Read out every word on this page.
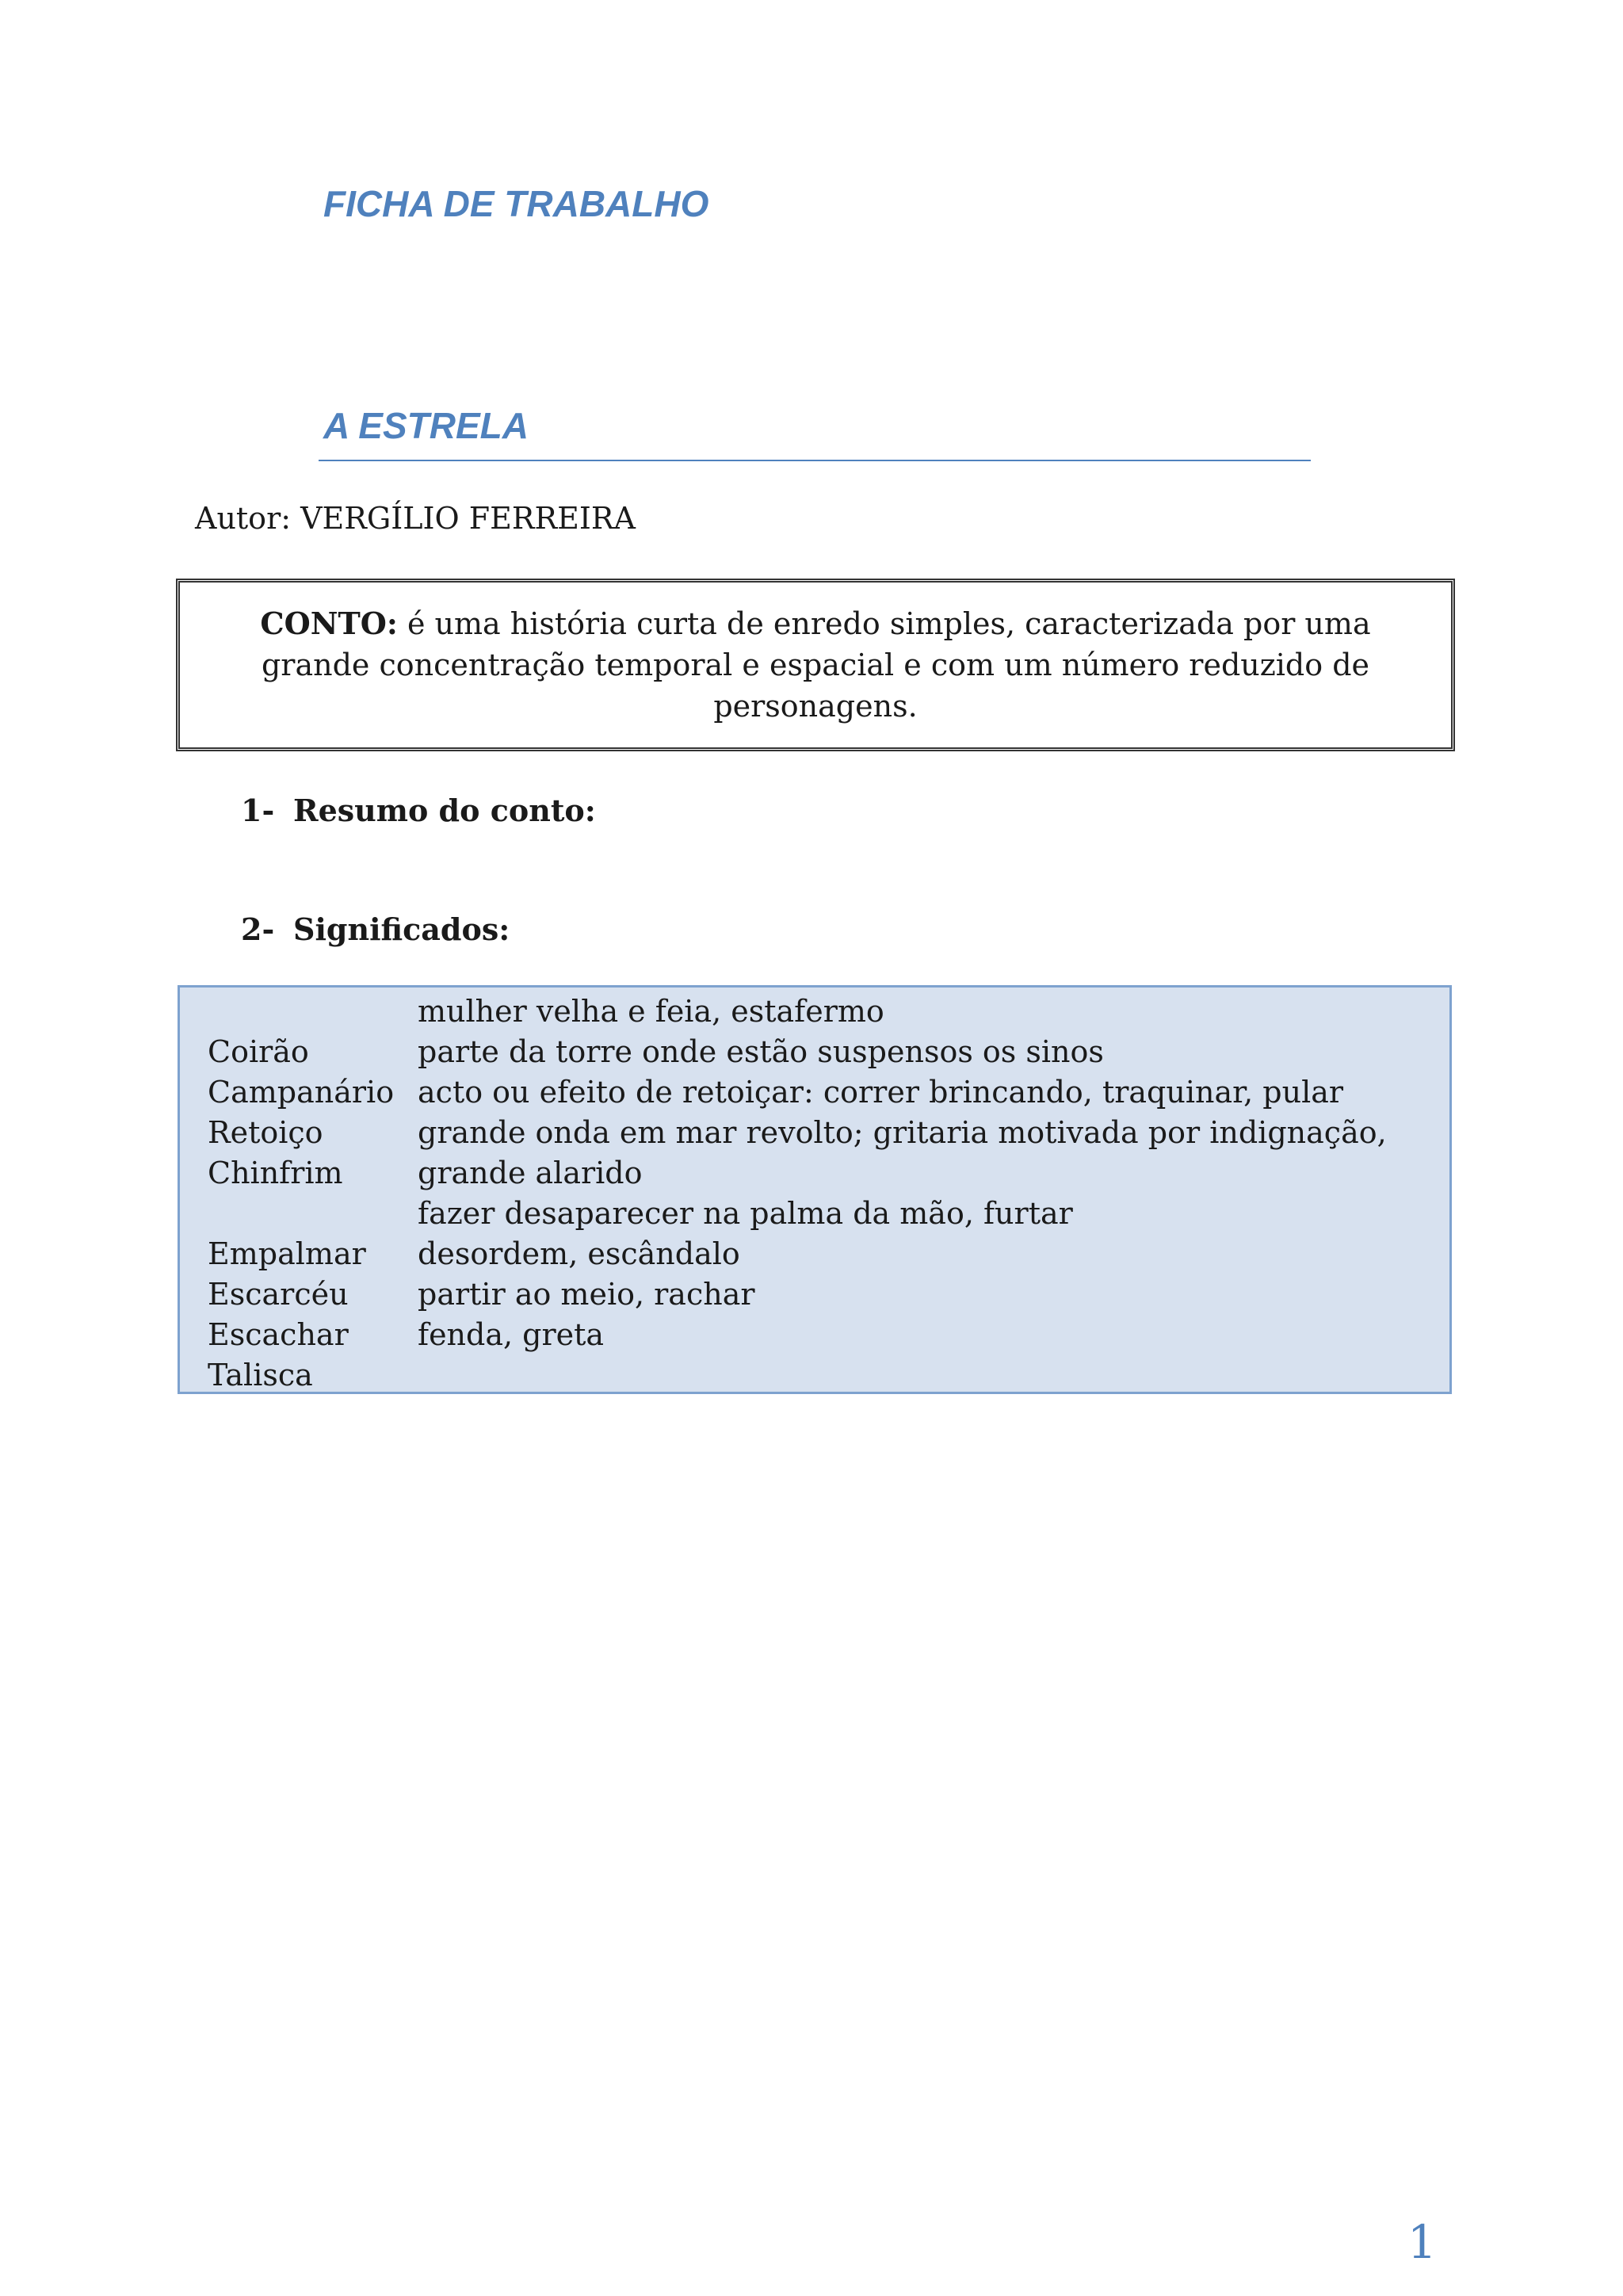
FICHA DE TRABALHO
A ESTRELA
Autor: VERGÍLIO FERREIRA

CONTO: é uma história curta de enredo simples, caracterizada por uma grande concentração temporal e espacial e com um número reduzido de personagens.

1- Resumo do conto:
2- Significados:
Coirão
Campanário
Retoiço
Chinfrim
Empalmar
Escarcéu
Escachar
Talisca
mulher velha e feia, estafermo
parte da torre onde estão suspensos os sinos
acto ou efeito de retoiçar: correr brincando, traquinar, pular
grande onda em mar revolto; gritaria motivada por indignação,
grande alarido
fazer desaparecer na palma da mão, furtar
desordem, escândalo
partir ao meio, rachar
fenda, greta
1
